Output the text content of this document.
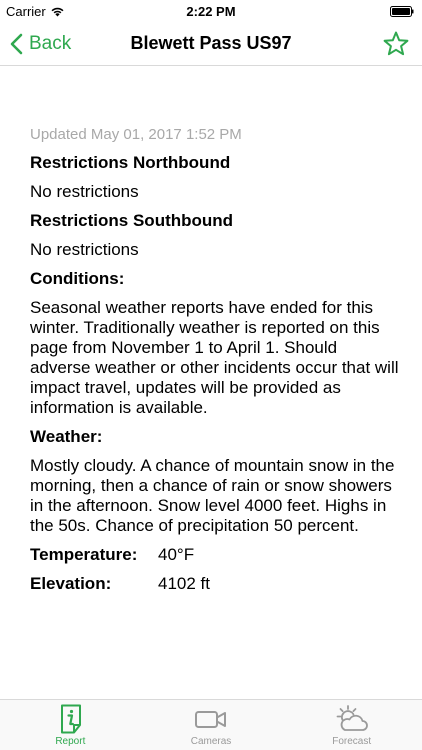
Carrier	2:22 PM
Back	Blewett Pass US97
Updated May 01, 2017 1:52 PM
Restrictions Northbound
No restrictions
Restrictions Southbound
No restrictions
Conditions:
Seasonal weather reports have ended for this winter. Traditionally weather is reported on this page from November 1 to April 1. Should adverse weather or other incidents occur that will impact travel, updates will be provided as information is available.
Weather:
Mostly cloudy. A chance of mountain snow in the morning, then a chance of rain or snow showers in the afternoon. Snow level 4000 feet. Highs in the 50s. Chance of precipitation 50 percent.
Temperature:	40°F
Elevation:	4102 ft
Report	Cameras	Forecast
